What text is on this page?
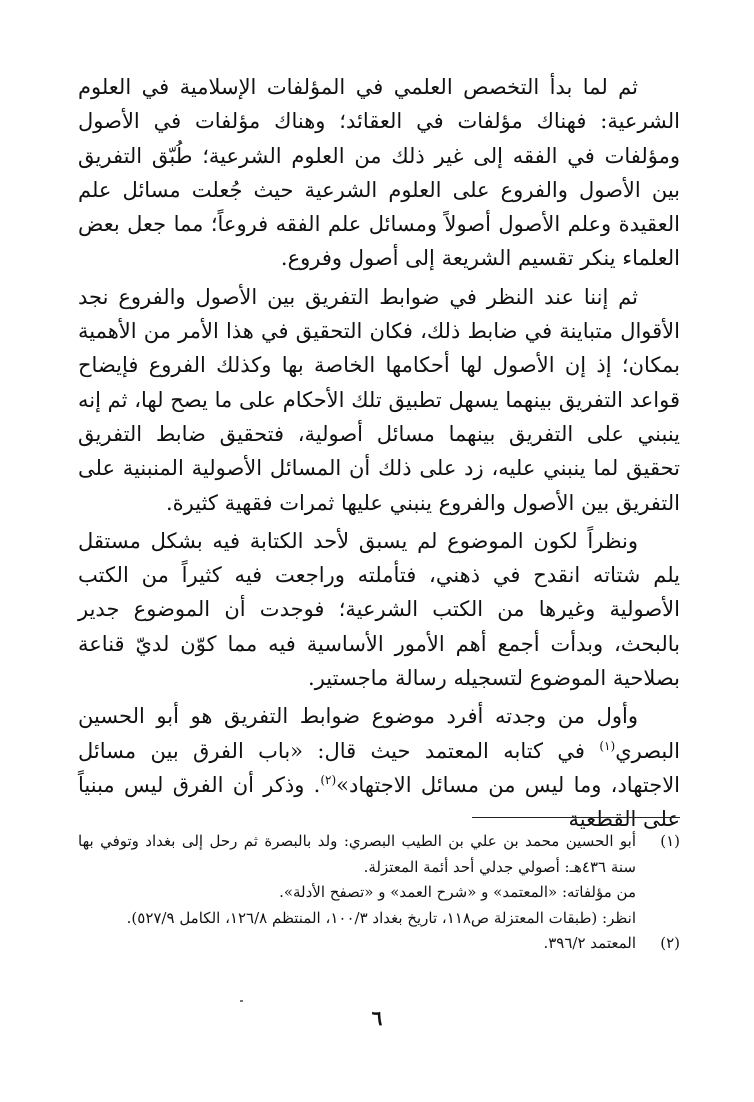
ثم لما بدأ التخصص العلمي في المؤلفات الإسلامية في العلوم الشرعية: فهناك مؤلفات في العقائد؛ وهناك مؤلفات في الأصول ومؤلفات في الفقه إلى غير ذلك من العلوم الشرعية؛ طُبّق التفريق بين الأصول والفروع على العلوم الشرعية حيث جُعلت مسائل علم العقيدة وعلم الأصول أصولاً ومسائل علم الفقه فروعاً؛ مما جعل بعض العلماء ينكر تقسيم الشريعة إلى أصول وفروع.

ثم إننا عند النظر في ضوابط التفريق بين الأصول والفروع نجد الأقوال متباينة في ضابط ذلك، فكان التحقيق في هذا الأمر من الأهمية بمكان؛ إذ إن الأصول لها أحكامها الخاصة بها وكذلك الفروع فإيضاح قواعد التفريق بينهما يسهل تطبيق تلك الأحكام على ما يصح لها، ثم إنه ينبني على التفريق بينهما مسائل أصولية، فتحقيق ضابط التفريق تحقيق لما ينبني عليه، زد على ذلك أن المسائل الأصولية المنبنية على التفريق بين الأصول والفروع ينبني عليها ثمرات فقهية كثيرة.

ونظراً لكون الموضوع لم يسبق لأحد الكتابة فيه بشكل مستقل يلم شتاته انقدح في ذهني، فتأملته وراجعت فيه كثيراً من الكتب الأصولية وغيرها من الكتب الشرعية؛ فوجدت أن الموضوع جدير بالبحث، وبدأت أجمع أهم الأمور الأساسية فيه مما كوّن لديّ قناعة بصلاحية الموضوع لتسجيله رسالة ماجستير.

وأول من وجدته أفرد موضوع ضوابط التفريق هو أبو الحسين البصري$^{(١)}$ في كتابه المعتمد حيث قال: «باب الفرق بين مسائل الاجتهاد، وما ليس من مسائل الاجتهاد»$^{(٢)}$. وذكر أن الفرق ليس مبنياً على القطعية

(١)
أبو الحسين محمد بن علي بن الطيب البصري: ولد بالبصرة ثم رحل إلى بغداد وتوفي بها سنة ٤٣٦هـ: أصولي جدلي أحد أئمة المعتزلة.
من مؤلفاته: «المعتمد» و «شرح العمد» و «تصفح الأدلة».
انظر: (طبقات المعتزلة ص١١٨، تاريخ بغداد ١٠٠/٣، المنتظم ١٢٦/٨، الكامل ٥٢٧/٩).
(٢)
المعتمد ٣٩٦/٢.
٦
